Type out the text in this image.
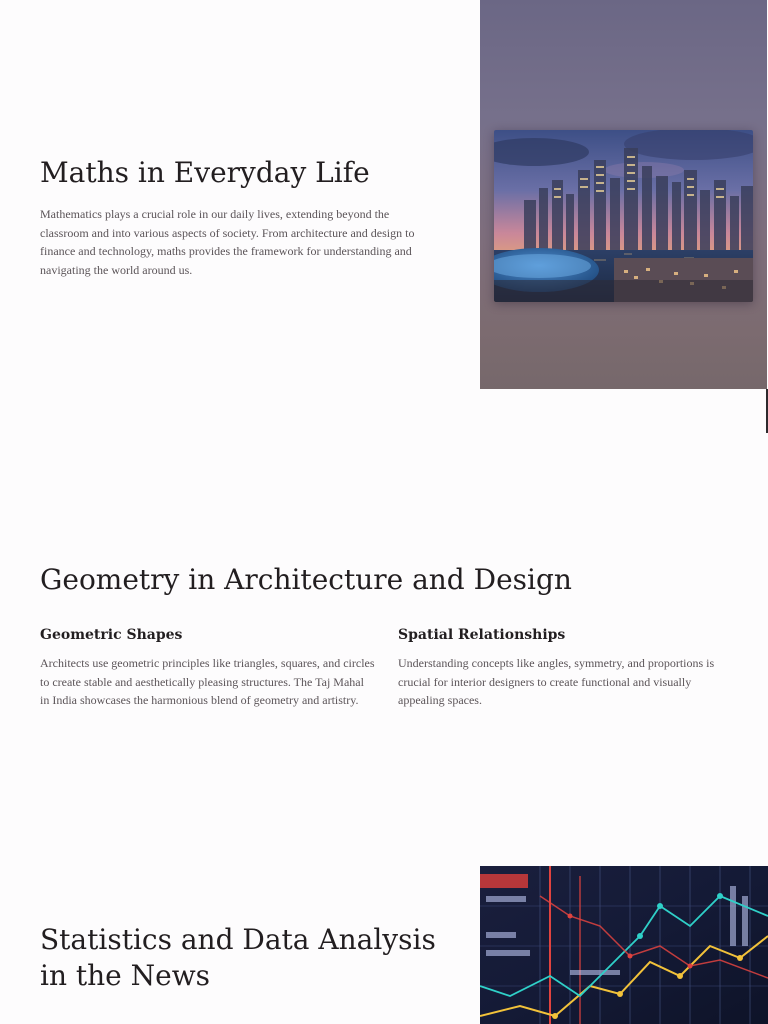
Maths in Everyday Life

Mathematics plays a crucial role in our daily lives, extending beyond the classroom and into various aspects of society. From architecture and design to finance and technology, maths provides the framework for understanding and navigating the world around us.

Geometry in Architecture and Design
Geometric Shapes

Architects use geometric principles like triangles, squares, and circles to create stable and aesthetically pleasing structures. The Taj Mahal in India showcases the harmonious blend of geometry and artistry.

Spatial Relationships

Understanding concepts like angles, symmetry, and proportions is crucial for interior designers to create functional and visually appealing spaces.

Statistics and Data Analysis in the News
